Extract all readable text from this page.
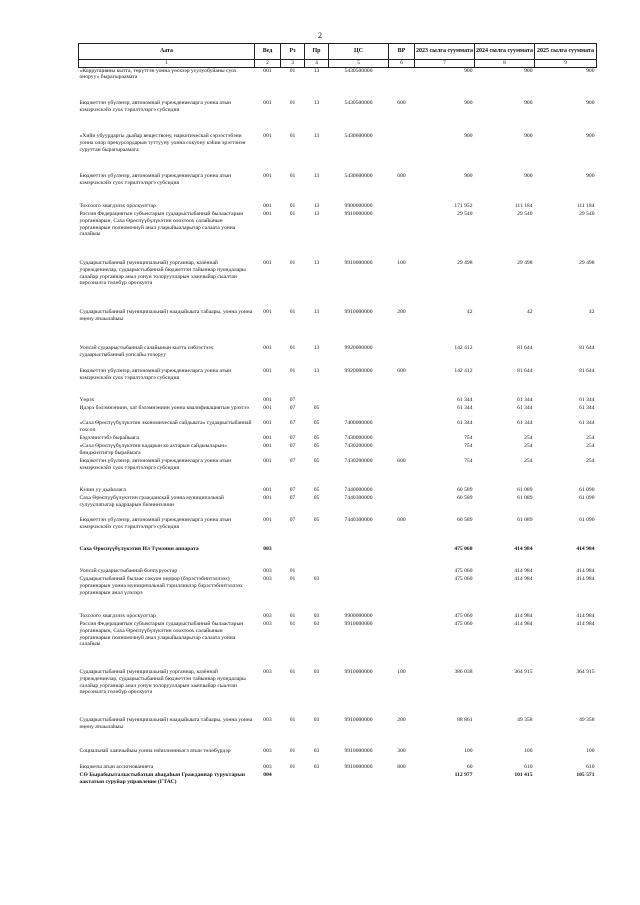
2
Аата	Вед	Рз	Пр	ЦС	ВР	2023 сылга сууммата	2024 сылга сууммата	2025 сылга сууммата
1	2	3	4	5	6	7	8	9
«Коррупцияны кытта, төрүттэн уонна үөскээр усулуобуйаны суох оноруу» бырагыраамата	001	01	13	5430500000		900	900	900
Бюджеттэн үбүлэнэр, автономнай учреждениеларга уонна атын кэмэрчэскэйэ суох тэрилтэлэргэ субсидия	001	01	13	5430500000	600	900	900	900
«Хийи убуурдаргы дьайар веществону, наркотическай сэрээстэбэни уонна олор прекурсордарын туттууну уонна сокуону кэһии эрэттэнэн суруттан бырагыраамата	001	01	13	5430600000		900	900	900
Бюджеттэн үбүлэнэр, автономнай учреждениеларга уонна атын кэмэрчэскэйэ суох тэрилтэлэргэ субсидия	001	01	13	5430600000	600	900	900	900
Тохсоого хвагдэлэх ороскуоттар	001	01	13	9900000000		171 952	111 184	111 184
Россия Федерациятын субъектарын судаарыстыбаннай былаастарын уорганнарын, Саха Өрөспүүбүлүкэтин олохтоох салайынын уорганнарын полномочнуй анал уларыйыаларытар салаата уонна салайыы	001	01	13	9910000000		29 540	29 540	29 540
Судаарыстыбаннай (муниципальнай) уорганнар, казённай учреждениелар, судаарыстыбаннай бюджеттэн тайыннар нуондалары салайар уорганнар анал уонун толоруулларын хааччыйар сыалтан персоналга төлөбүр ороскуота	001	01	13	9910000000	100	29 498	29 498	29 498
Судаарыстыбаннай (муниципальнай) наадыйыыга табаары, уонна уонна өңөну атыылаһыы	001	01	13	9910000000	200	42	42	42
Уопсай судаарыстыбаннай салайынын кытта сибээстээх судаарыстыбаннай уопсайы толоруу	001	01	13	9920000000		142 412	81 644	81 644
Бюджеттэн үбүлэнэр, автономнай учреждениеларга уонна атын кэмэрчэскэйэ суох тэрилтэлэргэ субсидия	001	01	13	9920000000	600	142 412	81 644	81 644
Үөрэх	001	07				61 344	61 344	61 344
Идэрэ бэлэмнэниин, хат бэлэмнэниин уонна квалификациятын урэхтээ	001	07	05			61 344	61 344	61 344
«Саха Өрөспүүбүлүкэтин экономическай сайдыыта» судаарыстыбаннай тохсоп	001	07	05	7400000000		61 344	61 344	61 344
Бэдэлнистэбэ бырайыага	001	07	05	7430000000		754	254	254
«Саха Өрөспүүбүлүкэтин кадарын ко ахтарын сайдыыларын» бииджиэтигэр бырайыага	001	07	05	7430200000		754	254	254
Бюджеттэн үбүлэнэр, автономнай учреждениеларга уонна атын кэмэрчэскэйэ суох тэрилтэлэргэ субсидия	001	07	05	7430200000	600	754	254	254
Кэлии уу дьаһалага	001	07	05	7440000000		60 589	61 089	61 090
Саха Өрөспүүбүлүкэтин гражданскай уонна муниципальнай сулууспатыгар кадрларын биэнинэлиин	001	07	05	7440300000		60 589	61 089	61 090
Бюджеттэн үбүлэнэр, автономнай учреждениеларга уонна атын кэмэрчэскэйэ суох тэрилтэлэргэ субсидия	001	07	05	7440300000	600	60 589	61 089	61 090
Саха Өрөспүүбүлүкэтин Ил Түмэнин аппарата	003					475 060	414 984	414 984
Уопсай судаарыстыбаннай боппуруостар	003	01				475 060	414 984	414 984
Судаарыстыбаннай былаас сокуон оңорор (бэрэстэбиитэллээх) уорганнарын уонна муниципальнай тэриллиилэр бэрэстэбиитэллээх уорганнарын анал үлэлэрэ	003	01	03			475 060	414 984	414 984
Тохсоого хвагдэлэх ороскуоттар	003	01	03	9900000000		475 060	414 984	414 984
Россия Федерациятын субъектарын судаарыстыбаннай былаастарын уорганнарын, Саха Өрөспүүбүлүкэтин олохтоох салайынын уорганнарын полномочнуй анал уларыйыаларытар салаата уонна салайыы	003	01	03	9910000000		475 060	414 984	414 984
Судаарыстыбаннай (муниципальнай) уорганнар, казённай учреждениелар, судаарыстыбаннай бюджеттэн тайыннар нуондалары салайар уорганнар анал уонун толоруулларын хааччыйар сыалтан персоналга төлөбүр ороскуота	003	01	03	9910000000	100	386 038	364 915	364 915
Судаарыстыбаннай (муниципальнай) наадыйыыга табаары, уонна уонна өңөну атыылаһыы	003	01	03	9910000000	200	88 861	49 358	49 358
Социальнай хааччыйыы уонна нэһилиэнньэгэ атын төлөбүрдэр	003	01	03	9910000000	300	100	100	100
Бюджеты атын ассигнованиета	003	01	03	9910000000	800	60	610	610
СӨ Бырабыыталыстыбатын аһаҕаһын Гражданнар туруктарын аактатын суруйар управление (ГТАС)	004					112 977	101 415	105 571
